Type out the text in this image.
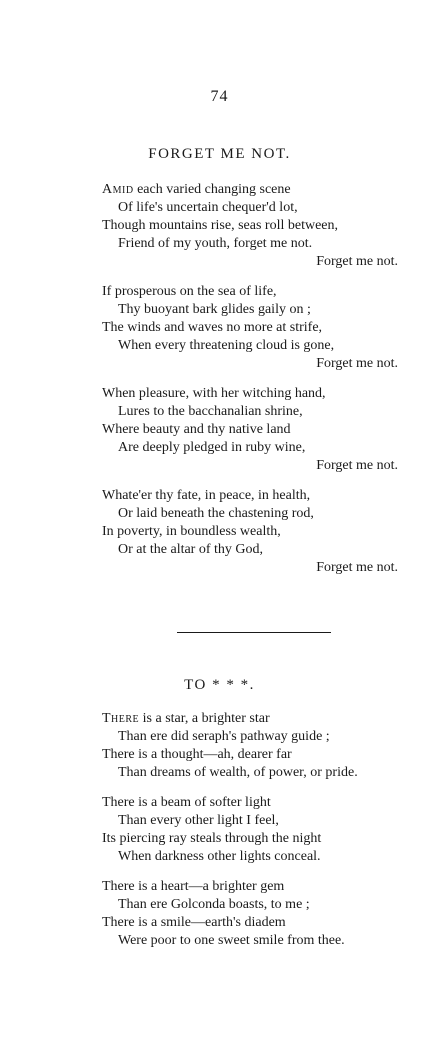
74
FORGET ME NOT.
Amid each varied changing scene
Of life's uncertain chequer'd lot,
Though mountains rise, seas roll between,
Friend of my youth, forget me not.
Forget me not.
If prosperous on the sea of life,
Thy buoyant bark glides gaily on ;
The winds and waves no more at strife,
When every threatening cloud is gone,
Forget me not.
When pleasure, with her witching hand,
Lures to the bacchanalian shrine,
Where beauty and thy native land
Are deeply pledged in ruby wine,
Forget me not.
Whate'er thy fate, in peace, in health,
Or laid beneath the chastening rod,
In poverty, in boundless wealth,
Or at the altar of thy God,
Forget me not.
TO * * *.
There is a star, a brighter star
Than ere did seraph's pathway guide ;
There is a thought—ah, dearer far
Than dreams of wealth, of power, or pride.
There is a beam of softer light
Than every other light I feel,
Its piercing ray steals through the night
When darkness other lights conceal.
There is a heart—a brighter gem
Than ere Golconda boasts, to me ;
There is a smile—earth's diadem
Were poor to one sweet smile from thee.
